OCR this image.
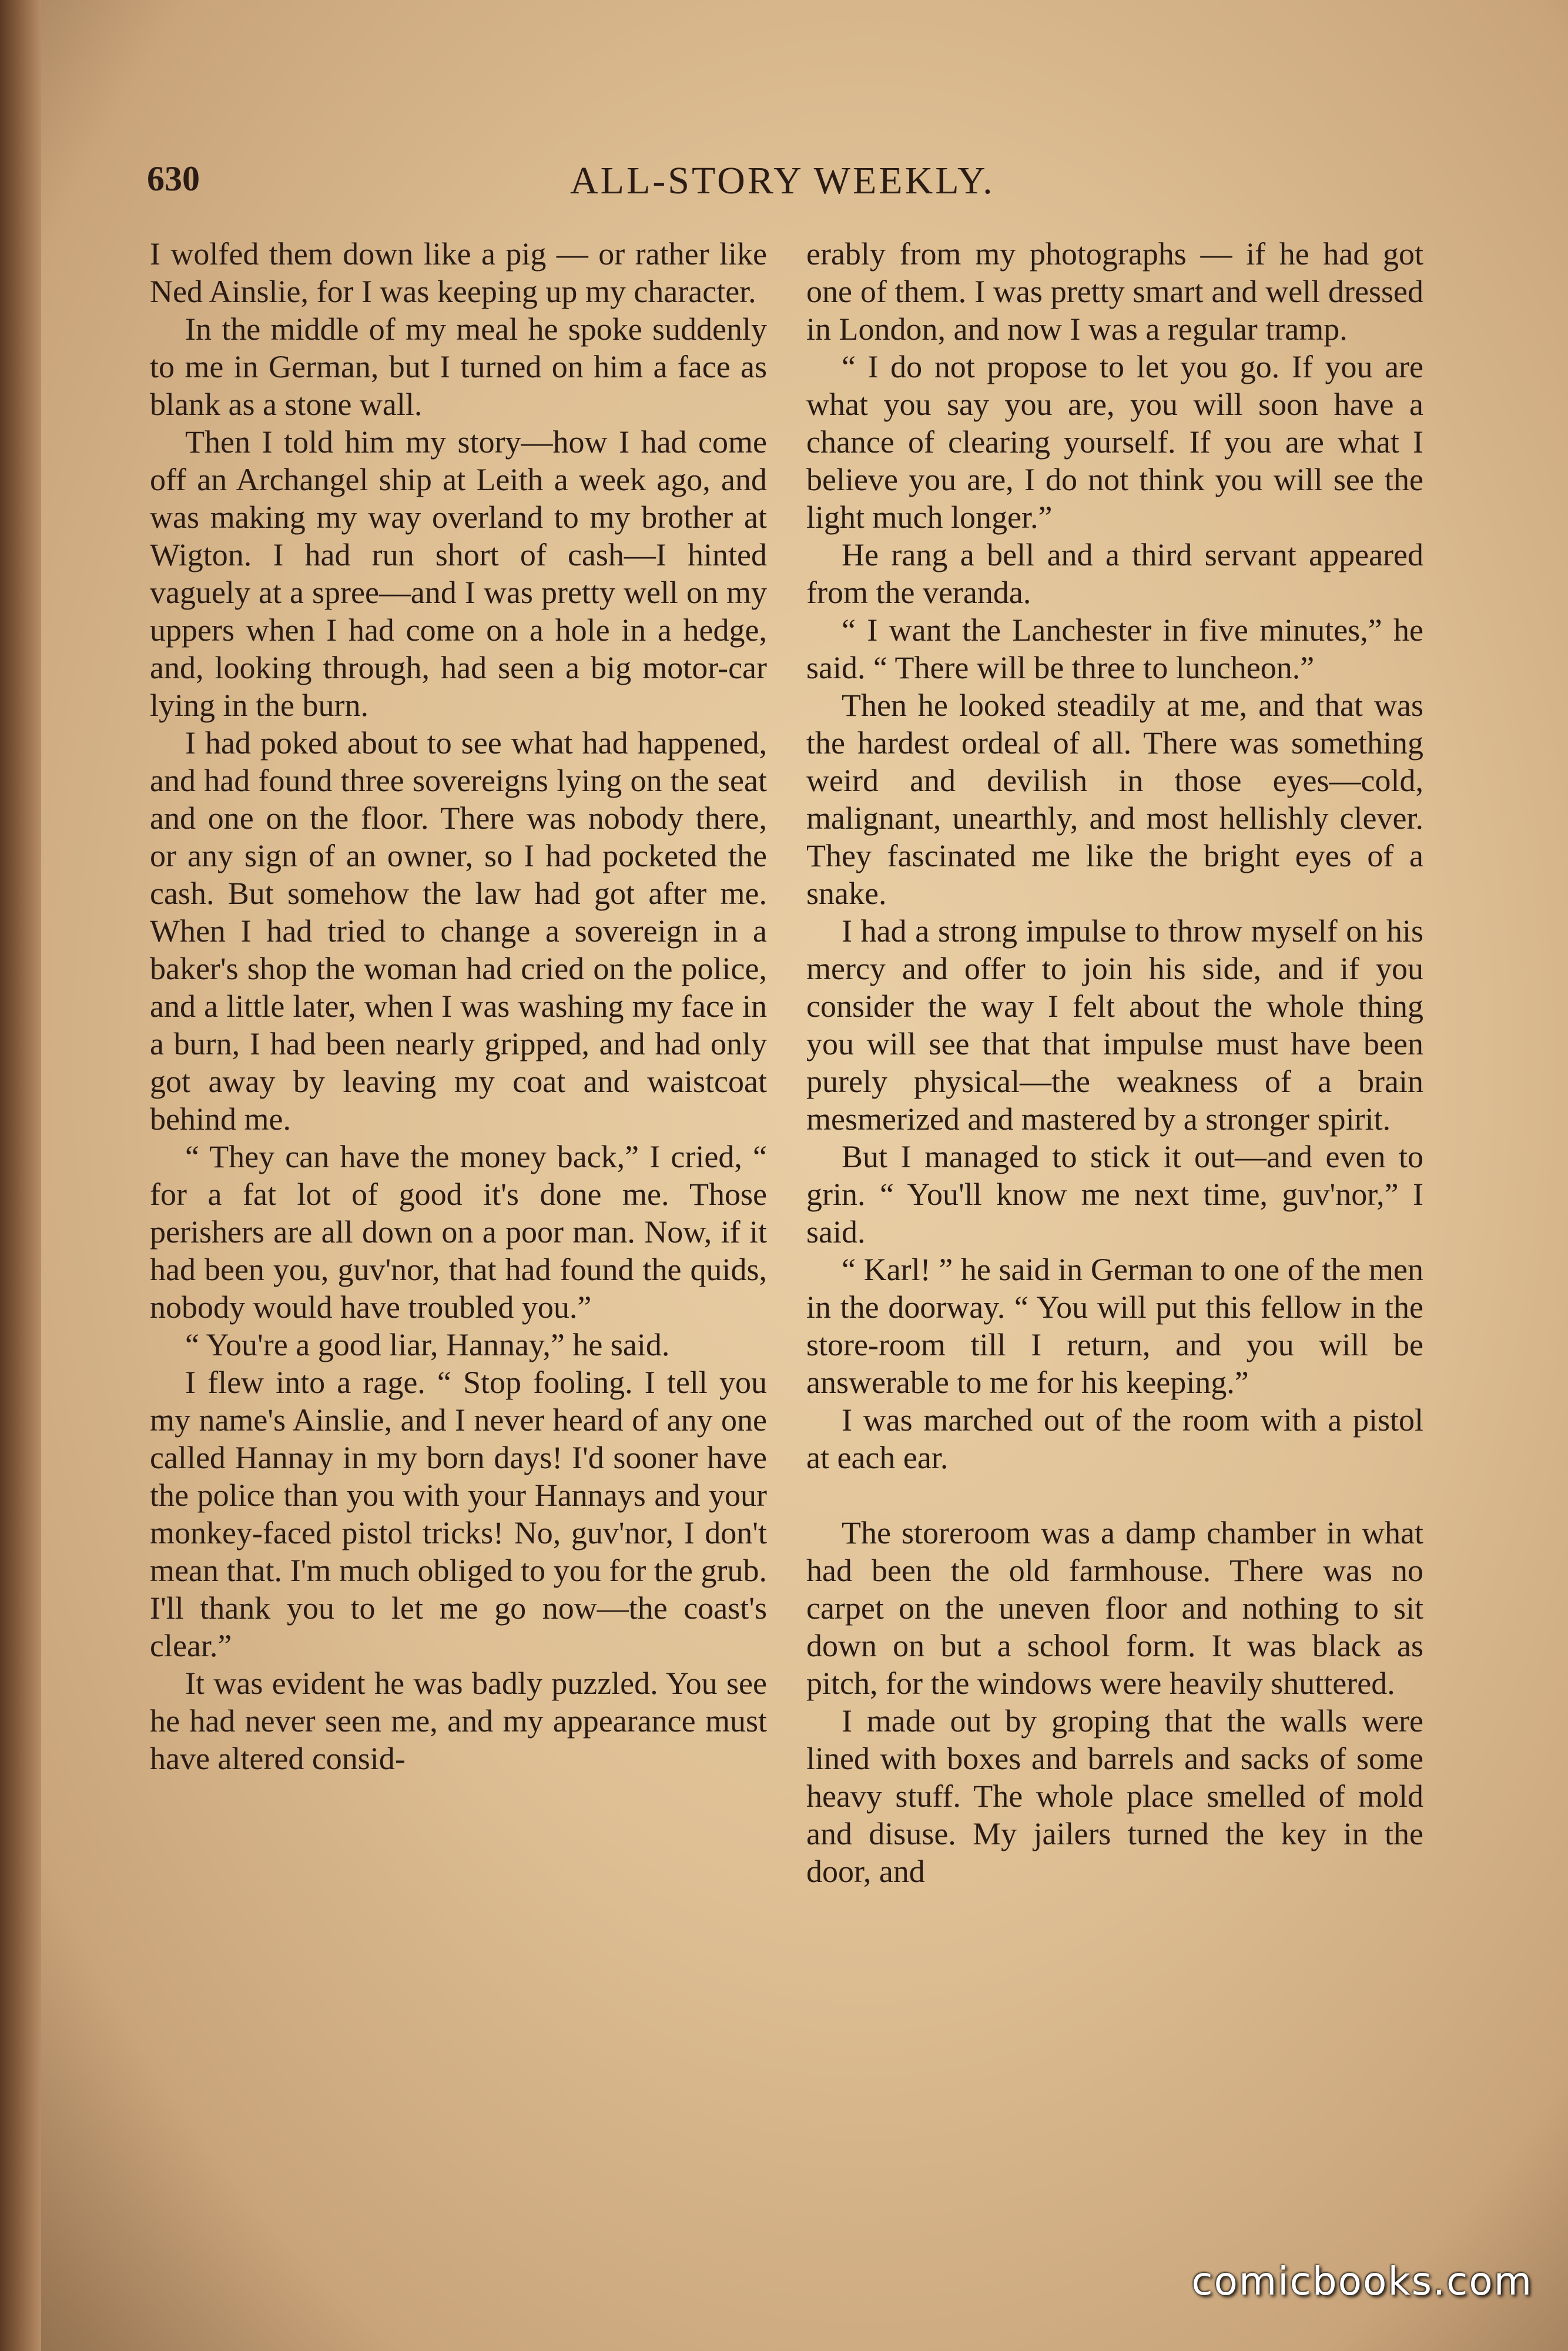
630	ALL-STORY WEEKLY.

I wolfed them down like a pig — or rather like Ned Ainslie, for I was keeping up my character.

In the middle of my meal he spoke suddenly to me in German, but I turned on him a face as blank as a stone wall.

Then I told him my story—how I had come off an Archangel ship at Leith a week ago, and was making my way overland to my brother at Wigton. I had run short of cash—I hinted vaguely at a spree—and I was pretty well on my uppers when I had come on a hole in a hedge, and, looking through, had seen a big motor-car lying in the burn.

I had poked about to see what had happened, and had found three sovereigns lying on the seat and one on the floor. There was nobody there, or any sign of an owner, so I had pocketed the cash. But somehow the law had got after me. When I had tried to change a sovereign in a baker's shop the woman had cried on the police, and a little later, when I was washing my face in a burn, I had been nearly gripped, and had only got away by leaving my coat and waistcoat behind me.

“ They can have the money back,” I cried, “ for a fat lot of good it's done me. Those perishers are all down on a poor man. Now, if it had been you, guv'nor, that had found the quids, nobody would have troubled you.”

“ You're a good liar, Hannay,” he said.

I flew into a rage. “ Stop fooling. I tell you my name's Ainslie, and I never heard of any one called Hannay in my born days! I'd sooner have the police than you with your Hannays and your monkey-faced pistol tricks! No, guv'nor, I don't mean that. I'm much obliged to you for the grub. I'll thank you to let me go now—the coast's clear.”

It was evident he was badly puzzled. You see he had never seen me, and my appearance must have altered consid-

erably from my photographs — if he had got one of them. I was pretty smart and well dressed in London, and now I was a regular tramp.

“ I do not propose to let you go. If you are what you say you are, you will soon have a chance of clearing yourself. If you are what I believe you are, I do not think you will see the light much longer.”

He rang a bell and a third servant appeared from the veranda.

“ I want the Lanchester in five minutes,” he said. “ There will be three to luncheon.”

Then he looked steadily at me, and that was the hardest ordeal of all. There was something weird and devilish in those eyes—cold, malignant, unearthly, and most hellishly clever. They fascinated me like the bright eyes of a snake.

I had a strong impulse to throw myself on his mercy and offer to join his side, and if you consider the way I felt about the whole thing you will see that that impulse must have been purely physical—the weakness of a brain mesmerized and mastered by a stronger spirit.

But I managed to stick it out—and even to grin. “ You'll know me next time, guv'nor,” I said.

“ Karl! ” he said in German to one of the men in the doorway. “ You will put this fellow in the store-room till I return, and you will be answerable to me for his keeping.”

I was marched out of the room with a pistol at each ear.

The storeroom was a damp chamber in what had been the old farmhouse. There was no carpet on the uneven floor and nothing to sit down on but a school form. It was black as pitch, for the windows were heavily shuttered.

I made out by groping that the walls were lined with boxes and barrels and sacks of some heavy stuff. The whole place smelled of mold and disuse. My jailers turned the key in the door, and

comicbooks.com
